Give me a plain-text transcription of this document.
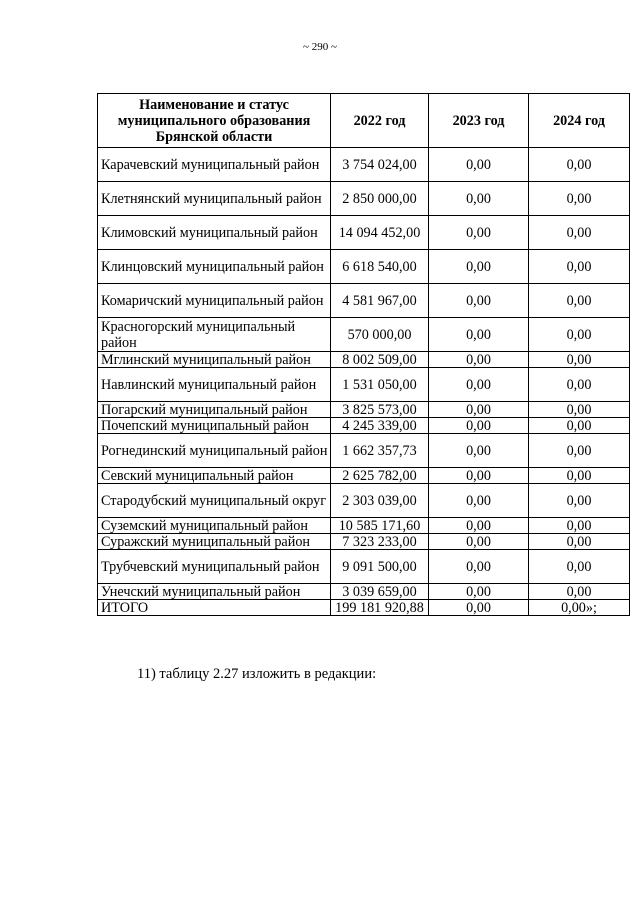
~ 290 ~
Наименование и статус муниципального образования Брянской области	2022 год	2023 год	2024 год
Карачевский муниципальный район	3 754 024,00	0,00	0,00
Клетнянский муниципальный район	2 850 000,00	0,00	0,00
Климовский муниципальный район	14 094 452,00	0,00	0,00
Клинцовский муниципальный район	6 618 540,00	0,00	0,00
Комаричский муниципальный район	4 581 967,00	0,00	0,00
Красногорский муниципальный район	570 000,00	0,00	0,00
Мглинский муниципальный район	8 002 509,00	0,00	0,00
Навлинский муниципальный район	1 531 050,00	0,00	0,00
Погарский муниципальный район	3 825 573,00	0,00	0,00
Почепский муниципальный район	4 245 339,00	0,00	0,00
Рогнединский муниципальный район	1 662 357,73	0,00	0,00
Севский муниципальный район	2 625 782,00	0,00	0,00
Стародубский муниципальный округ	2 303 039,00	0,00	0,00
Суземский муниципальный район	10 585 171,60	0,00	0,00
Суражский муниципальный район	7 323 233,00	0,00	0,00
Трубчевский муниципальный район	9 091 500,00	0,00	0,00
Унечский муниципальный район	3 039 659,00	0,00	0,00
ИТОГО	199 181 920,88	0,00	0,00»;
11) таблицу 2.27 изложить в редакции:
